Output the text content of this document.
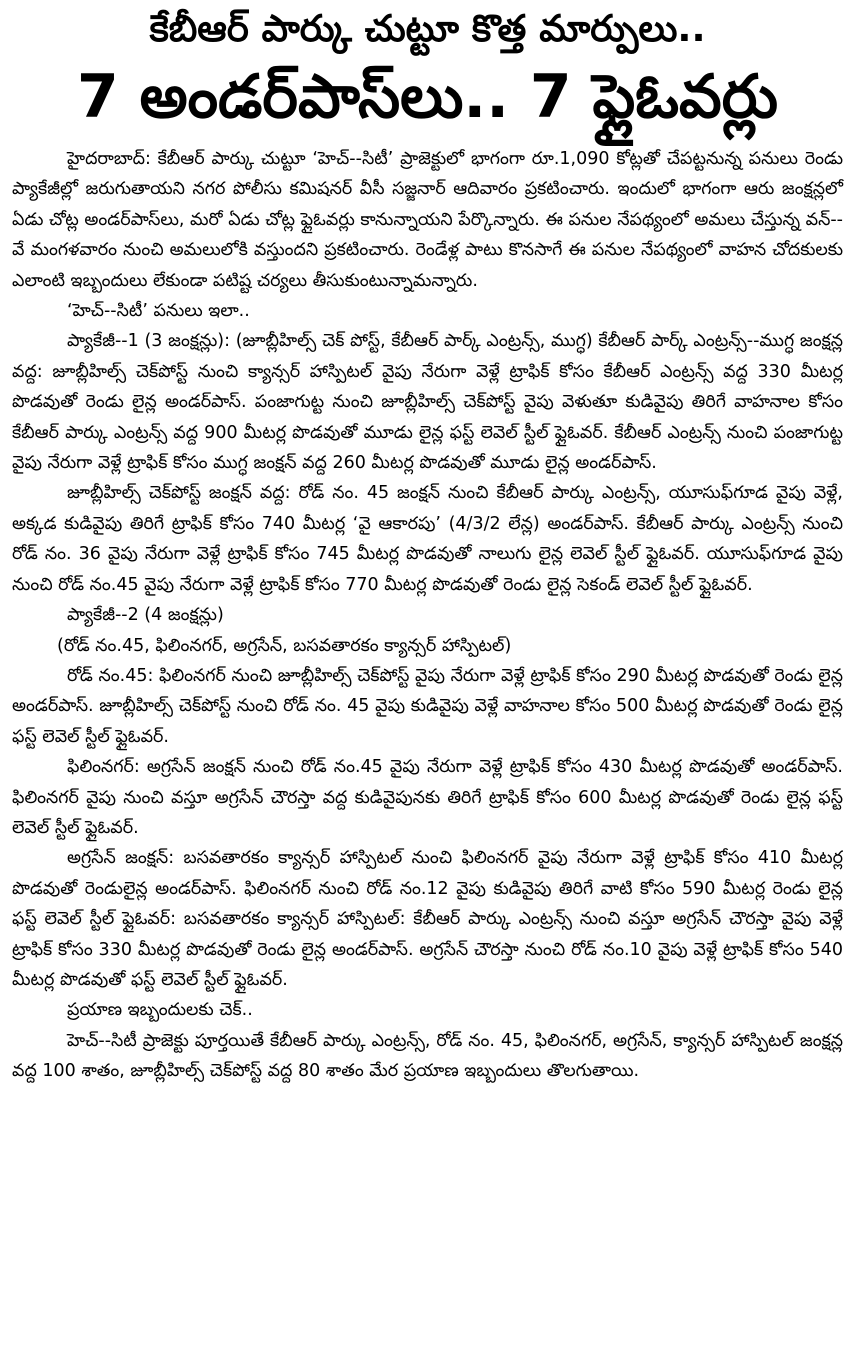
కేబీఆర్ పార్కు చుట్టూ కొత్త మార్పులు..
7 అండర్‌పాస్‌లు.. 7 ఫ్లైఓవర్లు

హైదరాబాద్: కేబీఆర్ పార్కు చుట్టూ ‘హెచ్--సిటీ’ ప్రాజెక్టులో భాగంగా రూ.1,090 కోట్లతో చేపట్టనున్న పనులు రెండు ప్యాకేజీల్లో జరుగుతాయని నగర పోలీసు కమిషనర్ వీసీ సజ్జనార్ ఆదివారం ప్రకటించారు. ఇందులో భాగంగా ఆరు జంక్షన్లలో ఏడు చోట్ల అండర్‌పాస్‌లు, మరో ఏడు చోట్ల ఫ్లైఓవర్లు కానున్నాయని పేర్కొన్నారు. ఈ పనుల నేపథ్యంలో అమలు చేస్తున్న వన్-- వే మంగళవారం నుంచి అమలులోకి వస్తుందని ప్రకటించారు. రెండేళ్ల పాటు కొనసాగే ఈ పనుల నేపథ్యంలో వాహన చోదకులకు ఎలాంటి ఇబ్బందులు లేకుండా పటిష్ట చర్యలు తీసుకుంటున్నామన్నారు.

‘హెచ్--సిటీ’ పనులు ఇలా..

ప్యాకేజీ--1 (3 జంక్షన్లు): (జూబ్లీహిల్స్ చెక్ పోస్ట్, కేబీఆర్ పార్క్ ఎంట్రన్స్, ముగ్ధ) కేబీఆర్ పార్క్ ఎంట్రన్స్--ముగ్ధ జంక్షన్ల వద్ద: జూబ్లీహిల్స్ చెక్‌పోస్ట్ నుంచి క్యాన్సర్ హాస్పిటల్ వైపు నేరుగా వెళ్లే ట్రాఫిక్ కోసం కేబీఆర్ ఎంట్రన్స్ వద్ద 330 మీటర్ల పొడవుతో రెండు లైన్ల అండర్‌పాస్. పంజాగుట్ట నుంచి జూబ్లీహిల్స్ చెక్‌పోస్ట్ వైపు వెళుతూ కుడివైపు తిరిగే వాహనాల కోసం కేబీఆర్ పార్కు ఎంట్రన్స్ వద్ద 900 మీటర్ల పొడవుతో మూడు లైన్ల ఫస్ట్ లెవెల్ స్టీల్ ఫ్లైఓవర్. కేబీఆర్ ఎంట్రన్స్ నుంచి పంజాగుట్ట వైపు నేరుగా వెళ్లే ట్రాఫిక్ కోసం ముగ్ధ జంక్షన్ వద్ద 260 మీటర్ల పొడవుతో మూడు లైన్ల అండర్‌పాస్.

జూబ్లీహిల్స్ చెక్‌పోస్ట్ జంక్షన్ వద్ద: రోడ్ నం. 45 జంక్షన్ నుంచి కేబీఆర్ పార్కు ఎంట్రన్స్, యూసుఫ్‌గూడ వైపు వెళ్లే, అక్కడ కుడివైపు తిరిగే ట్రాఫిక్ కోసం 740 మీటర్ల ‘వై ఆకారపు’ (4/3/2 లేన్ల) అండర్‌పాస్. కేబీఆర్ పార్కు ఎంట్రన్స్ నుంచి రోడ్ నం. 36 వైపు నేరుగా వెళ్లే ట్రాఫిక్ కోసం 745 మీటర్ల పొడవుతో నాలుగు లైన్ల లెవెల్ స్టీల్ ఫ్లైఓవర్. యూసుఫ్‌గూడ వైపు నుంచి రోడ్ నం.45 వైపు నేరుగా వెళ్లే ట్రాఫిక్ కోసం 770 మీటర్ల పొడవుతో రెండు లైన్ల సెకండ్ లెవెల్ స్టీల్ ఫ్లైఓవర్.

ప్యాకేజీ--2 (4 జంక్షన్లు)

(రోడ్ నం.45, ఫిలింనగర్, అగ్రసేన్, బసవతారకం క్యాన్సర్ హాస్పిటల్)

రోడ్ నం.45: ఫిలింనగర్ నుంచి జూబ్లీహిల్స్ చెక్‌పోస్ట్ వైపు నేరుగా వెళ్లే ట్రాఫిక్ కోసం 290 మీటర్ల పొడవుతో రెండు లైన్ల అండర్‌పాస్. జూబ్లీహిల్స్ చెక్‌పోస్ట్ నుంచి రోడ్ నం. 45 వైపు కుడివైపు వెళ్లే వాహనాల కోసం 500 మీటర్ల పొడవుతో రెండు లైన్ల ఫస్ట్ లెవెల్ స్టీల్ ఫ్లైఓవర్.

ఫిలింనగర్: అగ్రసేన్ జంక్షన్ నుంచి రోడ్ నం.45 వైపు నేరుగా వెళ్లే ట్రాఫిక్ కోసం 430 మీటర్ల పొడవుతో అండర్‌పాస్. ఫిలింనగర్ వైపు నుంచి వస్తూ అగ్రసేన్ చౌరస్తా వద్ద కుడివైపునకు తిరిగే ట్రాఫిక్ కోసం 600 మీటర్ల పొడవుతో రెండు లైన్ల ఫస్ట్ లెవెల్ స్టీల్ ఫ్లైఓవర్.

అగ్రసేన్ జంక్షన్: బసవతారకం క్యాన్సర్ హాస్పిటల్ నుంచి ఫిలింనగర్ వైపు నేరుగా వెళ్లే ట్రాఫిక్ కోసం 410 మీటర్ల పొడవుతో రెండులైన్ల అండర్‌పాస్. ఫిలింనగర్ నుంచి రోడ్ నం.12 వైపు కుడివైపు తిరిగే వాటి కోసం 590 మీటర్ల రెండు లైన్ల ఫస్ట్ లెవెల్ స్టీల్ ఫ్లైఓవర్: బసవతారకం క్యాన్సర్ హాస్పిటల్: కేబీఆర్ పార్కు ఎంట్రన్స్ నుంచి వస్తూ అగ్రసేన్ చౌరస్తా వైపు వెళ్లే ట్రాఫిక్ కోసం 330 మీటర్ల పొడవుతో రెండు లైన్ల అండర్‌పాస్. అగ్రసేన్ చౌరస్తా నుంచి రోడ్ నం.10 వైపు వెళ్లే ట్రాఫిక్ కోసం 540 మీటర్ల పొడవుతో ఫస్ట్ లెవెల్ స్టీల్ ఫ్లైఓవర్.

ప్రయాణ ఇబ్బందులకు చెక్..

హెచ్--సిటీ ప్రాజెక్టు పూర్తయితే కేబీఆర్ పార్కు ఎంట్రన్స్, రోడ్ నం. 45, ఫిలింనగర్, అగ్రసేన్, క్యాన్సర్ హాస్పిటల్ జంక్షన్ల వద్ద 100 శాతం, జూబ్లీహిల్స్ చెక్‌పోస్ట్ వద్ద 80 శాతం మేర ప్రయాణ ఇబ్బందులు తొలగుతాయి.
